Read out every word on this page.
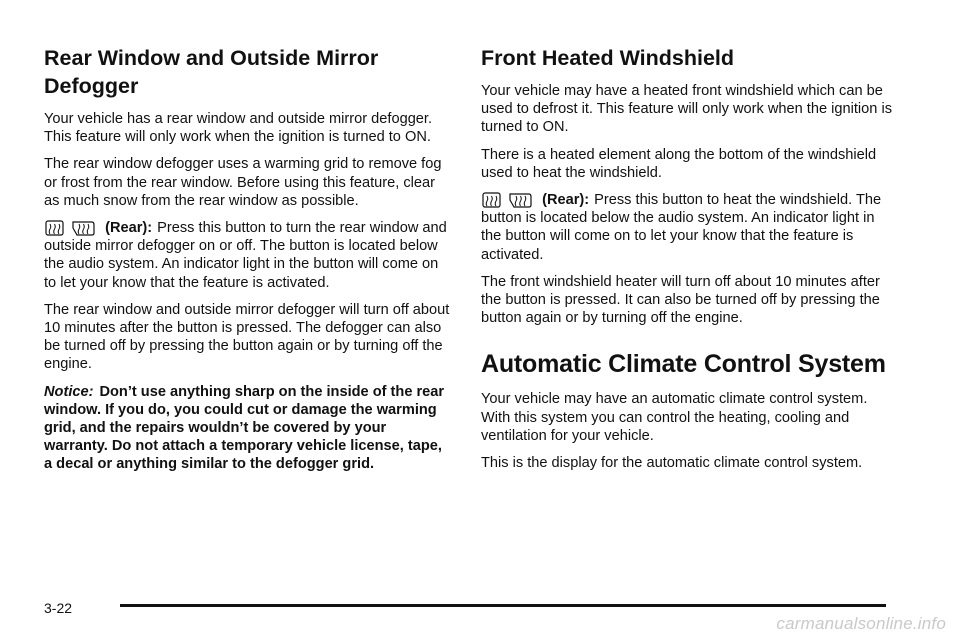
Rear Window and Outside Mirror
Defogger

Your vehicle has a rear window and outside mirror defogger. This feature will only work when the ignition is turned to ON.

The rear window defogger uses a warming grid to remove fog or frost from the rear window. Before using this feature, clear as much snow from the rear window as possible.

(Rear): Press this button to turn the rear window and outside mirror defogger on or off. The button is located below the audio system. An indicator light in the button will come on to let your know that the feature is activated.

The rear window and outside mirror defogger will turn off about 10 minutes after the button is pressed. The defogger can also be turned off by pressing the button again or by turning off the engine.

Notice: Don’t use anything sharp on the inside of the rear window. If you do, you could cut or damage the warming grid, and the repairs wouldn’t be covered by your warranty. Do not attach a temporary vehicle license, tape, a decal or anything similar to the defogger grid.

Front Heated Windshield

Your vehicle may have a heated front windshield which can be used to defrost it. This feature will only work when the ignition is turned to ON.

There is a heated element along the bottom of the windshield used to heat the windshield.

(Rear): Press this button to heat the windshield. The button is located below the audio system. An indicator light in the button will come on to let your know that the feature is activated.

The front windshield heater will turn off about 10 minutes after the button is pressed. It can also be turned off by pressing the button again or by turning off the engine.

Automatic Climate Control System

Your vehicle may have an automatic climate control system. With this system you can control the heating, cooling and ventilation for your vehicle.

This is the display for the automatic climate control system.

3-22
carmanualsonline.info
